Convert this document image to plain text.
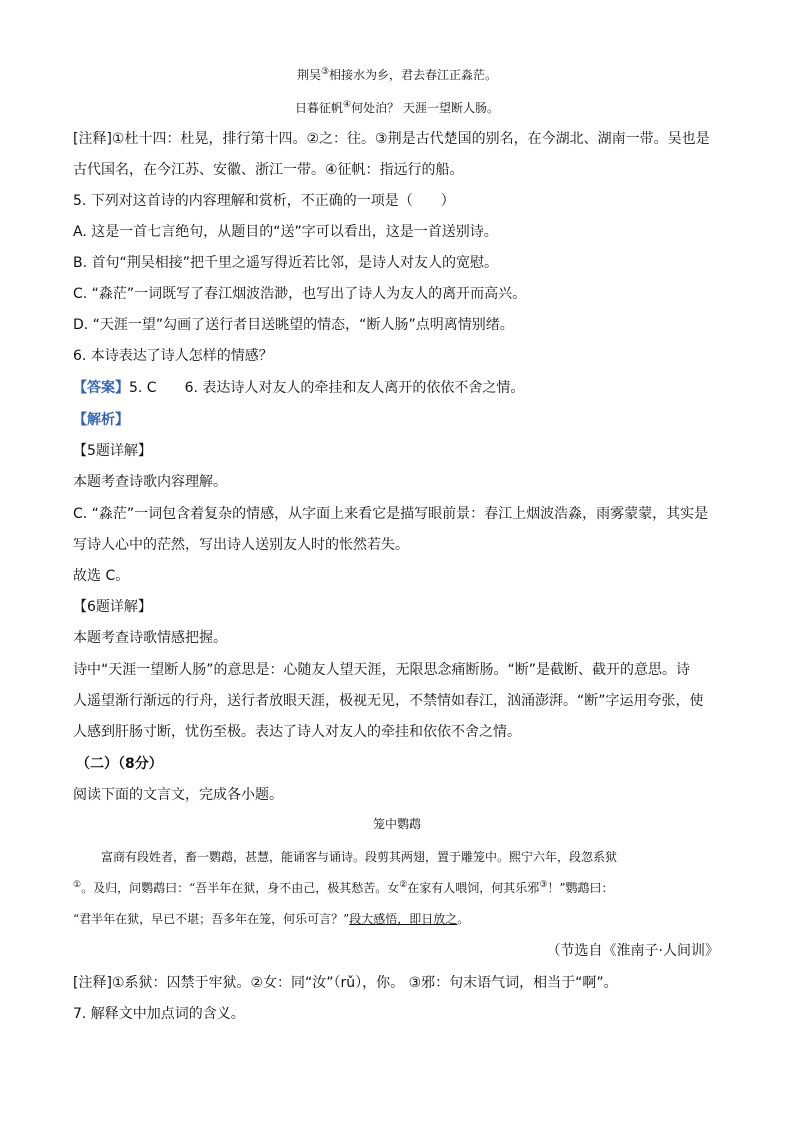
荆吴③相接水为乡，君去春江正淼茫。
日暮征帆④何处泊？ 天涯一望断人肠。
[注释]①杜十四：杜晃，排行第十四。②之：往。③荆是古代楚国的别名，在今湖北、湖南一带。吴也是
古代国名，在今江苏、安徽、浙江一带。④征帆：指远行的船。
5. 下列对这首诗的内容理解和赏析，不正确的一项是（　　）
A. 这是一首七言绝句，从题目的“送”字可以看出，这是一首送别诗。
B. 首句“荆吴相接”把千里之遥写得近若比邻，是诗人对友人的宽慰。
C. “淼茫”一词既写了春江烟波浩渺，也写出了诗人为友人的离开而高兴。
D. “天涯一望”勾画了送行者目送眺望的情态，“断人肠”点明离情别绪。
6. 本诗表达了诗人怎样的情感？
【答案】5. C 6. 表达诗人对友人的牵挂和友人离开的依依不舍之情。
【解析】
【5题详解】
本题考查诗歌内容理解。
C. “淼茫”一词包含着复杂的情感，从字面上来看它是描写眼前景：春江上烟波浩淼，雨雾蒙蒙，其实是
写诗人心中的茫然，写出诗人送别友人时的怅然若失。
故选 C。
【6题详解】
本题考查诗歌情感把握。
诗中“天涯一望断人肠”的意思是：心随友人望天涯，无限思念痛断肠。“断”是截断、截开的意思。诗
人遥望渐行渐远的行舟，送行者放眼天涯，极视无见，不禁情如春江，汹涌澎湃。“断”字运用夸张，使
人感到肝肠寸断，忧伤至极。表达了诗人对友人的牵挂和依依不舍之情。
（二）（8分）
阅读下面的文言文，完成各小题。
笼中鹦鹉
富商有段姓者，畜一鹦鹉，甚慧，能诵客与诵诗。段剪其两翅，置于雕笼中。熙宁六年，段忽系狱
①。及归，问鹦鹉曰：“吾半年在狱，身不由己，极其愁苦。女②在家有人喂饲，何其乐邪③！”鹦鹉曰：
“君半年在狱，早已不堪；吾多年在笼，何乐可言？”段大感悟，即日放之。
（节选自《淮南子·人间训》
[注释]①系狱：囚禁于牢狱。②女：同“汝”（rǔ），你。 ③邪：句末语气词，相当于“啊”。
7. 解释文中加点词的含义。
